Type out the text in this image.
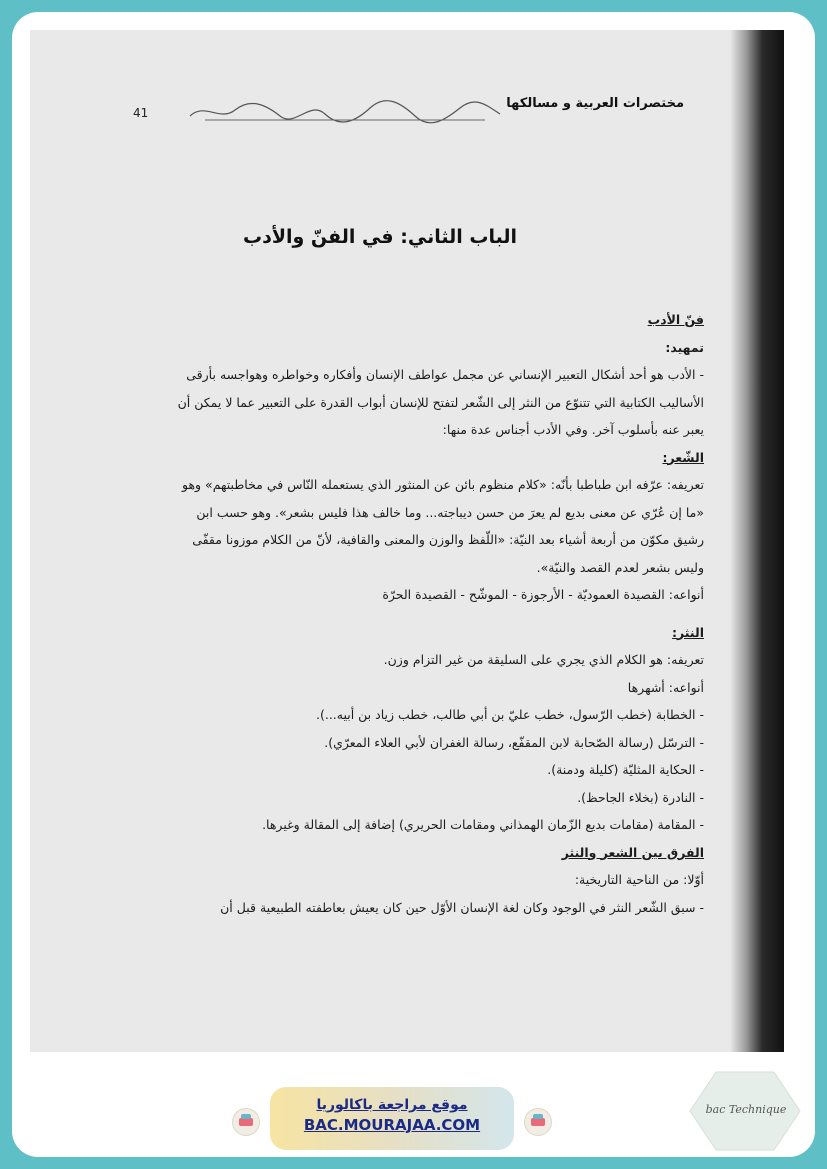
41
مختصرات العربية و مسالكها
الباب الثاني: في الفنّ والأدب

فنّ الأدب

تمهيد:

- الأدب هو أحد أشكال التعبير الإنساني عن مجمل عواطف الإنسان وأفكاره وخواطره وهواجسه بأرقى الأساليب الكتابية التي تتنوّع من النثر إلى الشّعر لتفتح للإنسان أبواب القدرة على التعبير عما لا يمكن أن يعبر عنه بأسلوب آخر. وفي الأدب أجناس عدة منها:

الشّعر:

تعريفه: عرّفه ابن طباطبا بأنّه: «كلام منظوم بائن عن المنثور الذي يستعمله النّاس في مخاطبتهم» وهو «ما إن عُرّي عن معنى بديع لم يعرَ من حسن ديباجته... وما خالف هذا فليس بشعر». وهو حسب ابن رشيق مكوّن من أربعة أشياء بعد النيّة: «اللّفظ والوزن والمعنى والقافية، لأنّ من الكلام موزونا مقفّى وليس بشعر لعدم القصد والنيّة».

أنواعه: القصيدة العموديّة - الأرجوزة - الموشّح - القصيدة الحرّة

النثر:

تعريفه: هو الكلام الذي يجري على السليقة من غير التزام وزن.

أنواعه: أشهرها

- الخطابة (خطب الرّسول، خطب عليّ بن أبي طالب، خطب زياد بن أبيه...).

- الترسّل (رسالة الصّحابة لابن المقفّع، رسالة الغفران لأبي العلاء المعرّي).

- الحكاية المثليّة (كليلة ودمنة).

- النادرة (بخلاء الجاحظ).

- المقامة (مقامات بديع الزّمان الهمذاني ومقامات الحريري) إضافة إلى المقالة وغيرها.

الفرق بين الشعر والنثر

أوّلا: من الناحية التاريخية:

- سبق الشّعر النثر في الوجود وكان لغة الإنسان الأوّل حين كان يعيش بعاطفته الطبيعية قبل أن

موقع مراجعة باكالوريا
BAC.MOURAJAA.COM
bac Technique
